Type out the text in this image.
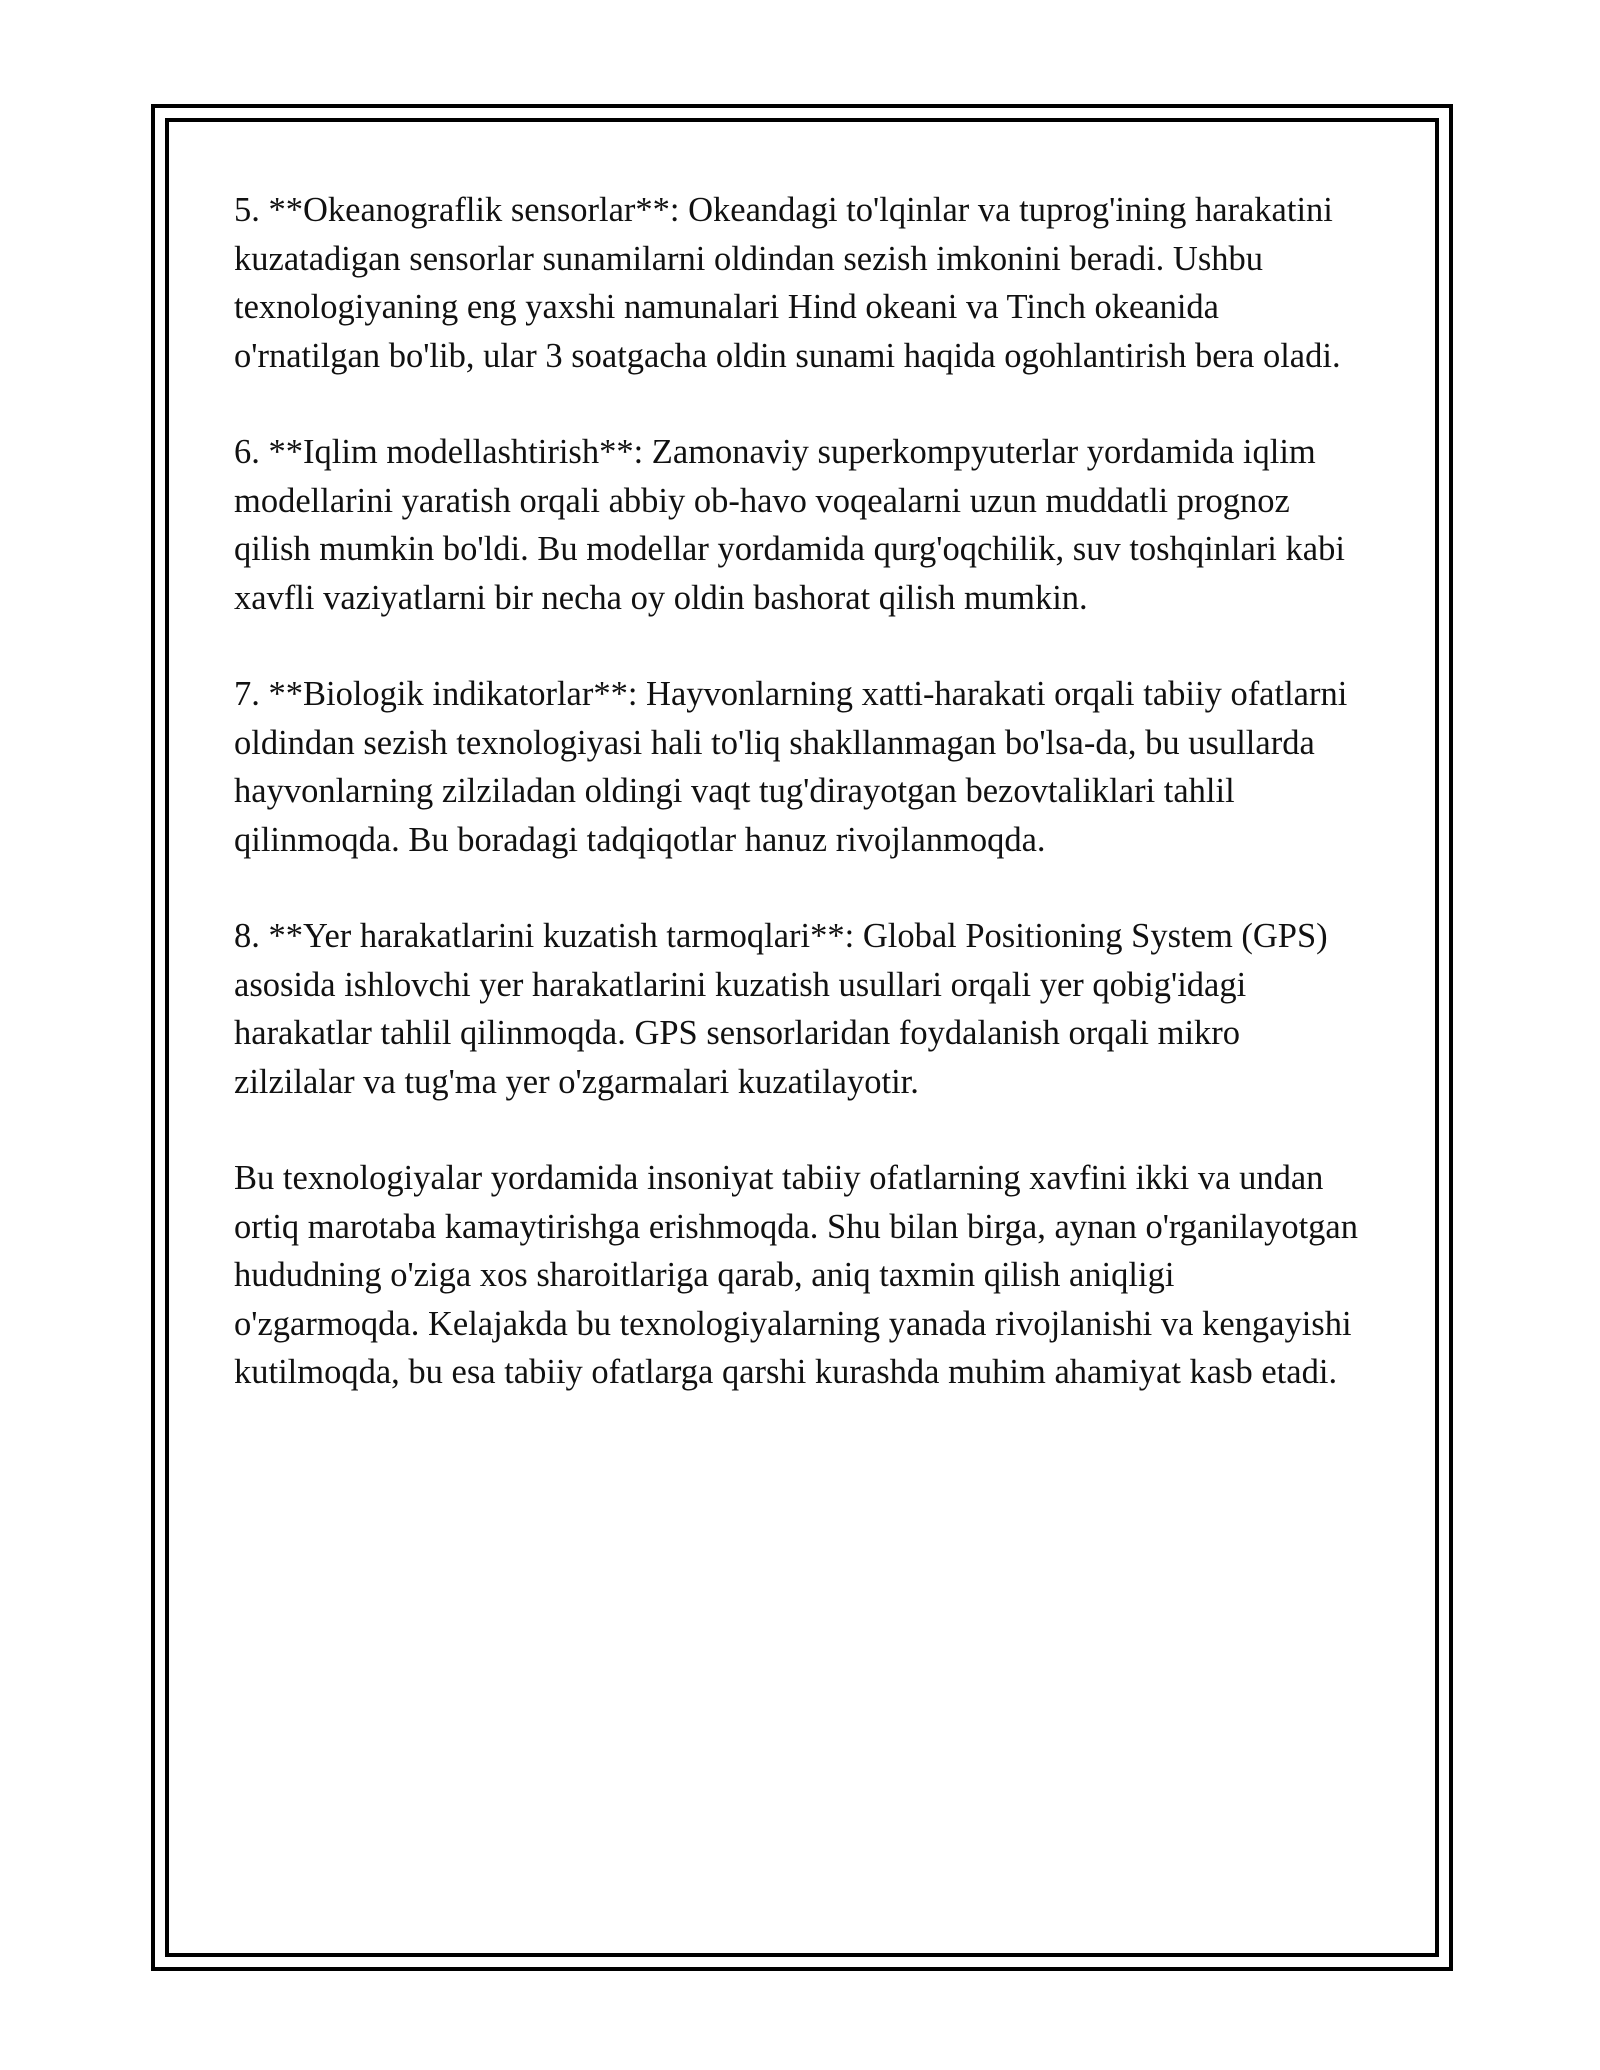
5. **Okeanograflik sensorlar**: Okeandagi to'lqinlar va tuprog'ining harakatini kuzatadigan sensorlar sunamilarni oldindan sezish imkonini beradi. Ushbu texnologiyaning eng yaxshi namunalari Hind okeani va Tinch okeanida o'rnatilgan bo'lib, ular 3 soatgacha oldin sunami haqida ogohlantirish bera oladi.

6. **Iqlim modellashtirish**: Zamonaviy superkompyuterlar yordamida iqlim modellarini yaratish orqali abbiy ob-havo voqealarni uzun muddatli prognoz qilish mumkin bo'ldi. Bu modellar yordamida qurg'oqchilik, suv toshqinlari kabi xavfli vaziyatlarni bir necha oy oldin bashorat qilish mumkin.

7. **Biologik indikatorlar**: Hayvonlarning xatti-harakati orqali tabiiy ofatlarni oldindan sezish texnologiyasi hali to'liq shakllanmagan bo'lsa-da, bu usullarda hayvonlarning zilziladan oldingi vaqt tug'dirayotgan bezovtaliklari tahlil qilinmoqda. Bu boradagi tadqiqotlar hanuz rivojlanmoqda.

8. **Yer harakatlarini kuzatish tarmoqlari**: Global Positioning System (GPS) asosida ishlovchi yer harakatlarini kuzatish usullari orqali yer qobig'idagi harakatlar tahlil qilinmoqda. GPS sensorlaridan foydalanish orqali mikro zilzilalar va tug'ma yer o'zgarmalari kuzatilayotir.

Bu texnologiyalar yordamida insoniyat tabiiy ofatlarning xavfini ikki va undan ortiq marotaba kamaytirishga erishmoqda. Shu bilan birga, aynan o'rganilayotgan hududning o'ziga xos sharoitlariga qarab, aniq taxmin qilish aniqligi o'zgarmoqda. Kelajakda bu texnologiyalarning yanada rivojlanishi va kengayishi kutilmoqda, bu esa tabiiy ofatlarga qarshi kurashda muhim ahamiyat kasb etadi.
